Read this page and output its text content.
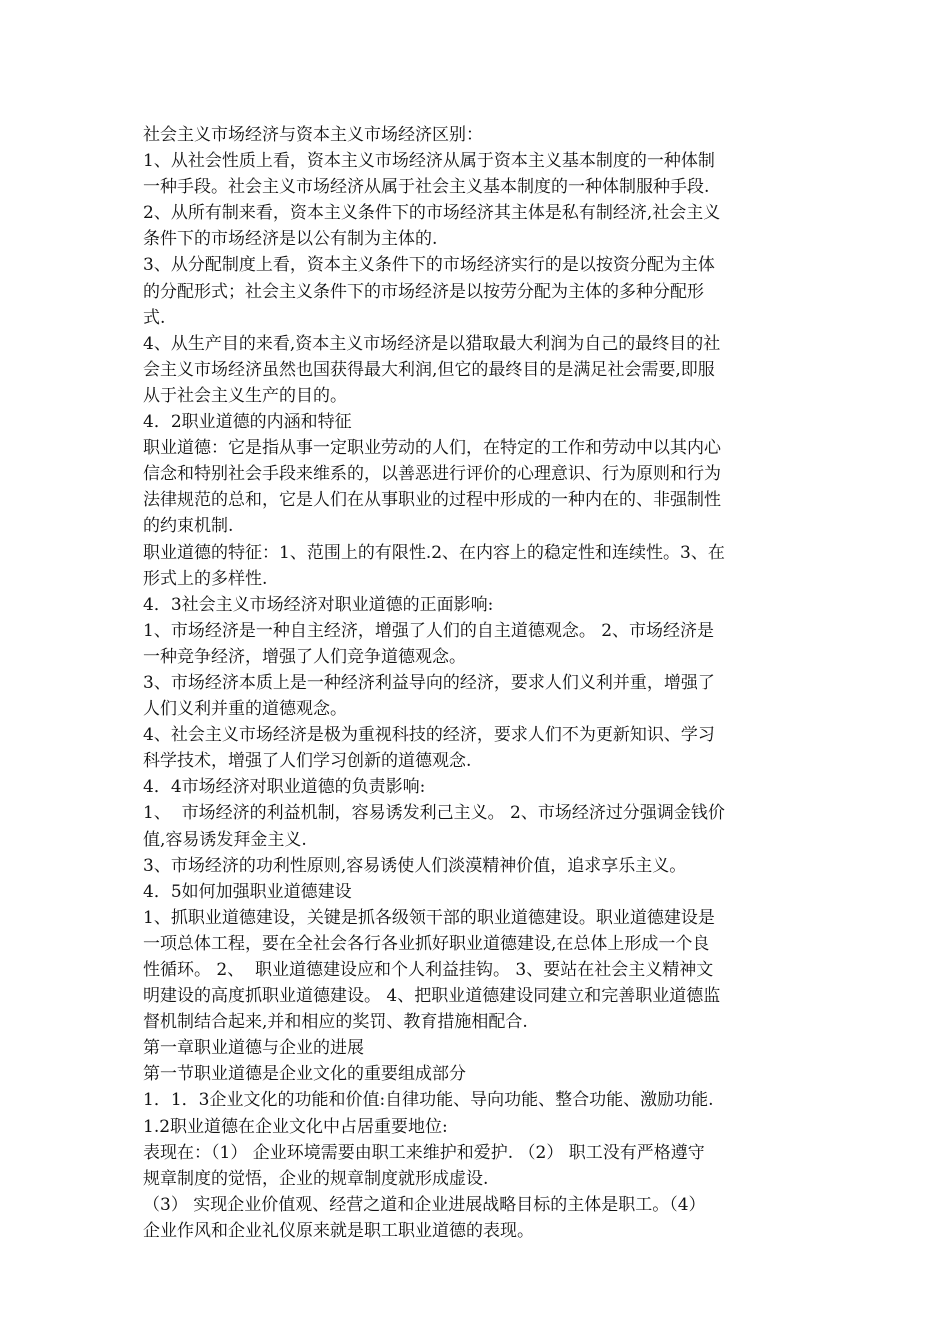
社会主义市场经济与资本主义市场经济区别：
1、从社会性质上看，资本主义市场经济从属于资本主义基本制度的一种体制
一种手段。社会主义市场经济从属于社会主义基本制度的一种体制服种手段.
2、从所有制来看，资本主义条件下的市场经济其主体是私有制经济,社会主义
条件下的市场经济是以公有制为主体的.
3、从分配制度上看，资本主义条件下的市场经济实行的是以按资分配为主体
的分配形式；社会主义条件下的市场经济是以按劳分配为主体的多种分配形
式.
4、从生产目的来看,资本主义市场经济是以猎取最大利润为自己的最终目的社
会主义市场经济虽然也国获得最大利润,但它的最终目的是满足社会需要,即服
从于社会主义生产的目的。
4．2职业道德的内涵和特征
职业道德：它是指从事一定职业劳动的人们，在特定的工作和劳动中以其内心
信念和特别社会手段来维系的，以善恶进行评价的心理意识、行为原则和行为
法律规范的总和，它是人们在从事职业的过程中形成的一种内在的、非强制性
的约束机制.
职业道德的特征：1、范围上的有限性.2、在内容上的稳定性和连续性。3、在
形式上的多样性.
4．3社会主义市场经济对职业道德的正面影响:
1、市场经济是一种自主经济，增强了人们的自主道德观念。 2、市场经济是
一种竞争经济，增强了人们竞争道德观念。
3、市场经济本质上是一种经济利益导向的经济，要求人们义利并重，增强了
人们义利并重的道德观念。
4、社会主义市场经济是极为重视科技的经济，要求人们不为更新知识、学习
科学技术，增强了人们学习创新的道德观念.
4．4市场经济对职业道德的负责影响:
1、  市场经济的利益机制，容易诱发利己主义。 2、市场经济过分强调金钱价
值,容易诱发拜金主义.
3、市场经济的功利性原则,容易诱使人们淡漠精神价值，追求享乐主义。
4．5如何加强职业道德建设
1、抓职业道德建设，关键是抓各级领干部的职业道德建设。职业道德建设是
一项总体工程，要在全社会各行各业抓好职业道德建设,在总体上形成一个良
性循环。 2、  职业道德建设应和个人利益挂钩。 3、要站在社会主义精神文
明建设的高度抓职业道德建设。 4、把职业道德建设同建立和完善职业道德监
督机制结合起来,并和相应的奖罚、教育措施相配合.
第一章职业道德与企业的进展
第一节职业道德是企业文化的重要组成部分
1．1．3企业文化的功能和价值:自律功能、导向功能、整合功能、激励功能.
1.2职业道德在企业文化中占居重要地位:
表现在：（1） 企业环境需要由职工来维护和爱护. （2） 职工没有严格遵守
规章制度的觉悟，企业的规章制度就形成虚设.
（3） 实现企业价值观、经营之道和企业进展战略目标的主体是职工。（4）
企业作风和企业礼仪原来就是职工职业道德的表现。
